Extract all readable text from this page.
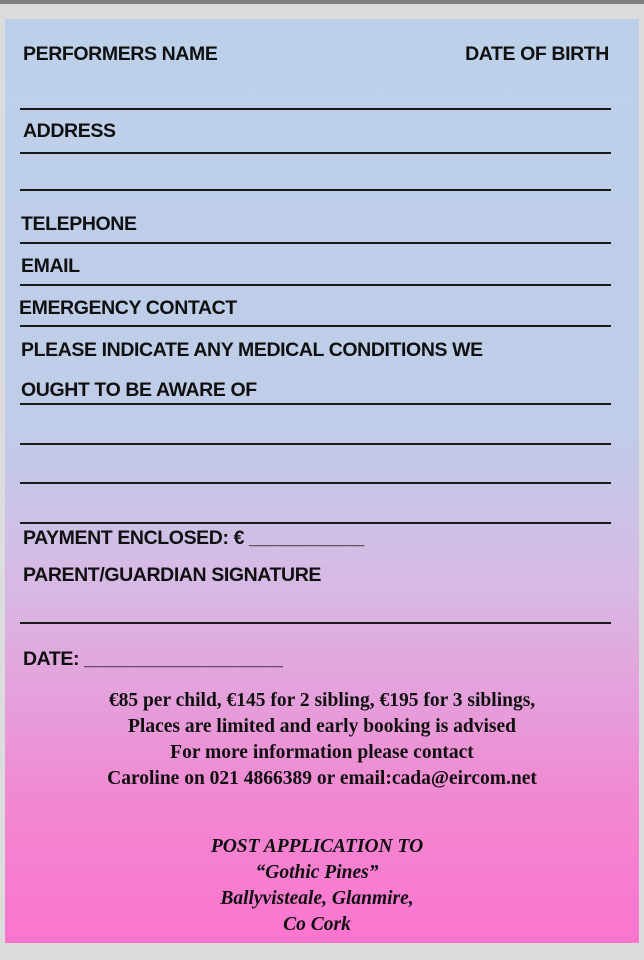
PERFORMERS NAME	DATE OF BIRTH
ADDRESS
TELEPHONE
EMAIL
EMERGENCY CONTACT
PLEASE INDICATE ANY MEDICAL CONDITIONS WE
OUGHT TO BE AWARE OF
PAYMENT ENCLOSED: € ___________
PARENT/GUARDIAN SIGNATURE
DATE: ___________________
€85 per child, €145 for 2 sibling, €195 for 3 siblings,
Places are limited and early booking is advised
For more information please contact
Caroline on 021 4866389 or email:cada@eircom.net
POST APPLICATION TO
“Gothic Pines”
Ballyvisteale, Glanmire,
Co Cork
